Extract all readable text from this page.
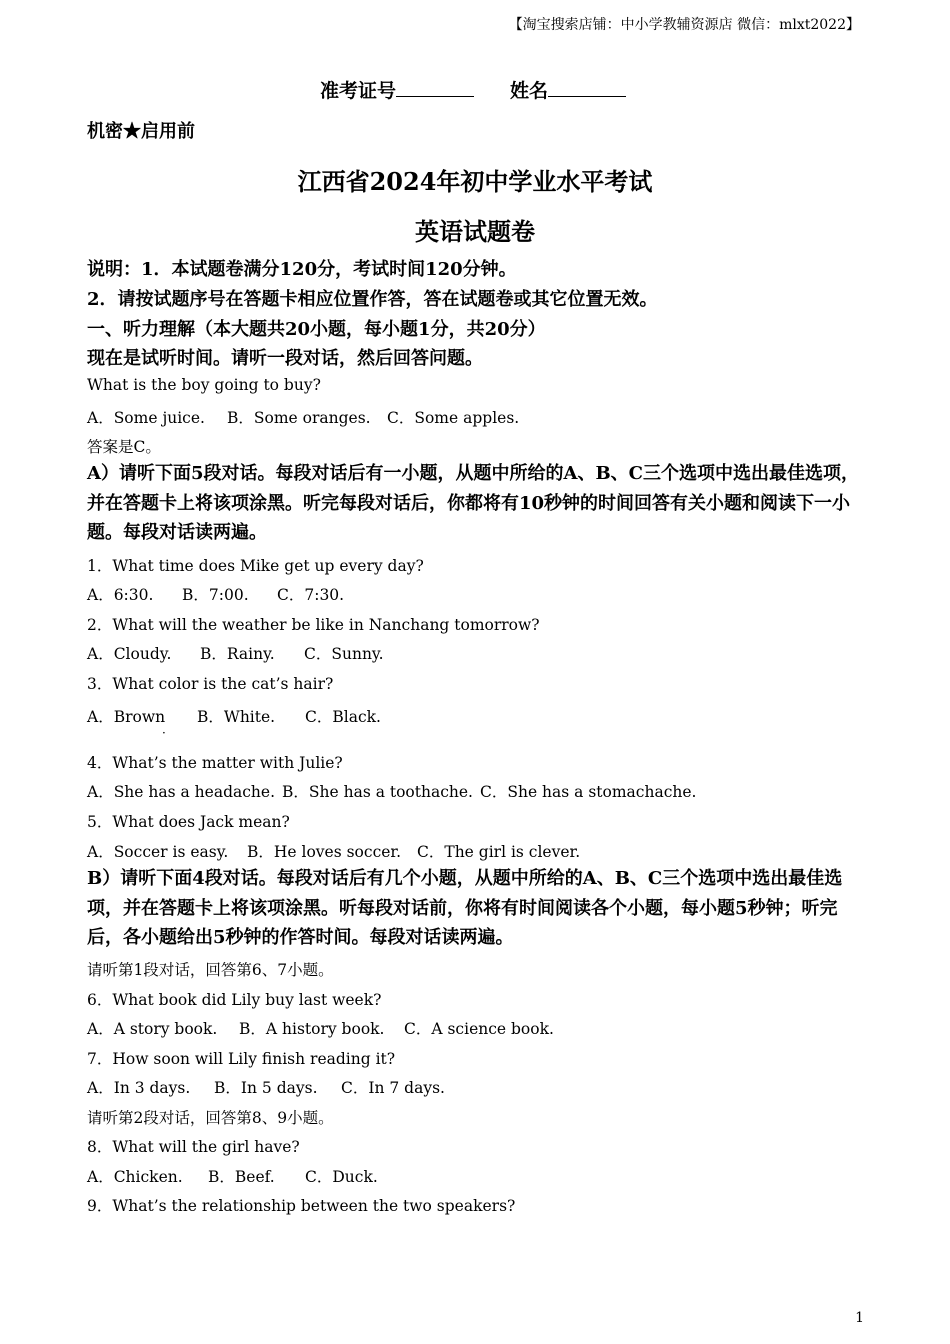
【淘宝搜索店铺：中小学教辅资源店 微信：mlxt2022】
准考证号	姓名
机密★启用前
江西省2024年初中学业水平考试
英语试题卷
说明：1．本试题卷满分120分，考试时间120分钟。
2．请按试题序号在答题卡相应位置作答，答在试题卷或其它位置无效。
一、听力理解（本大题共20小题，每小题1分，共20分）
现在是试听时间。请听一段对话，然后回答问题。
What is the boy going to buy?
A．Some juice. B．Some oranges. C．Some apples.
答案是C。
A）请听下面5段对话。每段对话后有一小题，从题中所给的A、B、C三个选项中选出最佳选项，并在答题卡上将该项涂黑。听完每段对话后，你都将有10秒钟的时间回答有关小题和阅读下一小题。每段对话读两遍。
1．What time does Mike get up every day?
A．6:30. B．7:00. C．7:30.
2．What will the weather be like in Nanchang tomorrow?
A．Cloudy. B．Rainy. C．Sunny.
3．What color is the cat’s hair?
A．Brown B．White. C．Black.
·
4．What’s the matter with Julie?
A．She has a headache. B．She has a toothache. C．She has a stomachache.
5．What does Jack mean?
A．Soccer is easy. B．He loves soccer. C．The girl is clever.
B）请听下面4段对话。每段对话后有几个小题，从题中所给的A、B、C三个选项中选出最佳选项，并在答题卡上将该项涂黑。听每段对话前，你将有时间阅读各个小题，每小题5秒钟；听完后，各小题给出5秒钟的作答时间。每段对话读两遍。
请听第1段对话，回答第6、7小题。
6．What book did Lily buy last week?
A．A story book. B．A history book. C．A science book.
7．How soon will Lily finish reading it?
A．In 3 days. B．In 5 days. C．In 7 days.
请听第2段对话，回答第8、9小题。
8．What will the girl have?
A．Chicken. B．Beef. C．Duck.
9．What’s the relationship between the two speakers?
1
